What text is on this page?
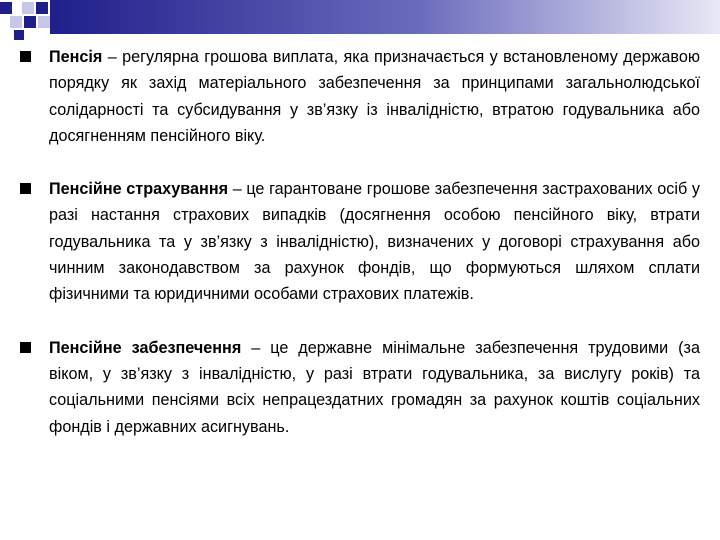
Пенсія – регулярна грошова виплата, яка призначається у встановленому державою порядку як захід матеріального забезпечення за принципами загальнолюдської солідарності та субсидування у зв’язку із інвалідністю, втратою годувальника або досягненням пенсійного віку.
Пенсійне страхування – це гарантоване грошове забезпечення застрахованих осіб у разі настання страхових випадків (досягнення особою пенсійного віку, втрати годувальника та у зв’язку з інвалідністю), визначених у договорі страхування або чинним законодавством за рахунок фондів, що формуються шляхом сплати фізичними та юридичними особами страхових платежів.
Пенсійне забезпечення – це державне мінімальне забезпечення трудовими (за віком, у зв’язку з інвалідністю, у разі втрати годувальника, за вислугу років) та соціальними пенсіями всіх непрацездатних громадян за рахунок коштів соціальних фондів і державних асигнувань.
